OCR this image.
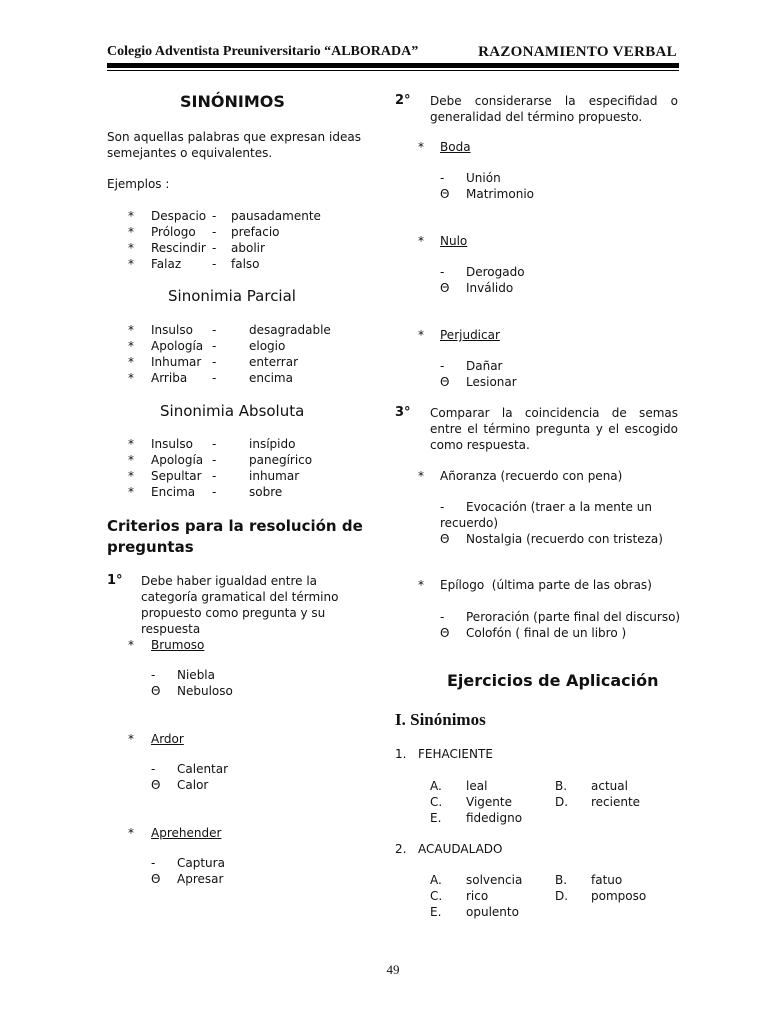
Colegio Adventista Preuniversitario “ALBORADA”	RAZONAMIENTO VERBAL
SINÓNIMOS
Son aquellas palabras que expresan ideas semejantes o equivalentes.
Ejemplos :
* Despacio - pausadamente
* Prólogo - prefacio
* Rescindir - abolir
* Falaz	- falso
Sinonimia Parcial
* Insulso -	desagradable
* Apología -	elogio
* Inhumar -	enterrar
* Arriba -	encima
Sinonimia Absoluta
* Insulso -	insípido
* Apología -	panegírico
* Sepultar -	inhumar
* Encima -	sobre
Criterios para la resolución de preguntas
1° Debe haber igualdad entre la categoría gramatical del término propuesto como pregunta y su respuesta
* Brumoso
- Niebla
Θ Nebuloso
* Ardor
- Calentar
Θ Calor
* Aprehender
- Captura
Θ Apresar
2° Debe considerarse la especifidad o generalidad del término propuesto.
* Boda
- Unión
Θ Matrimonio
* Nulo
- Derogado
Θ Inválido
* Perjudicar
- Dañar
Θ Lesionar
3° Comparar la coincidencia de semas entre el término pregunta y el escogido como respuesta.
* Añoranza (recuerdo con pena)
- Evocación (traer a la mente un
recuerdo)
Θ Nostalgia (recuerdo con tristeza)
* Epílogo  (última parte de las obras)
- Peroración (parte final del discurso)
Θ Colofón ( final de un libro )
Ejercicios de Aplicación
I. Sinónimos
1. FEHACIENTE
A. leal	B. actual
C. Vigente	D. reciente
E. fidedigno
2. ACAUDALADO
A. solvencia	B. fatuo
C. rico	D. pomposo
E. opulento
49
